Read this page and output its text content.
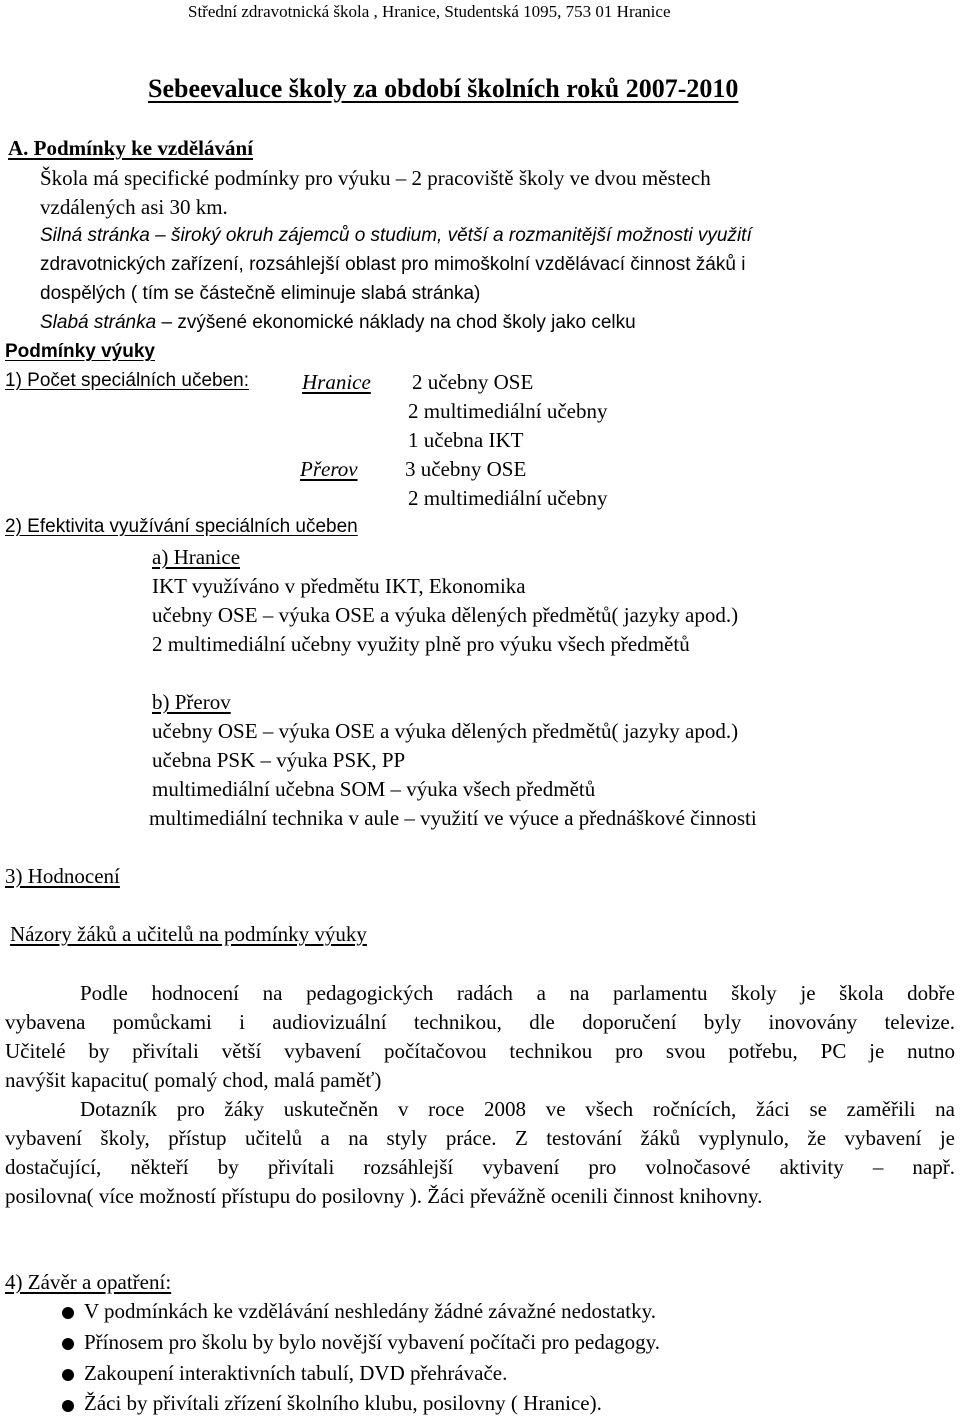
Střední zdravotnická škola , Hranice, Studentská 1095, 753 01 Hranice
Sebeevaluce školy za období školních roků 2007-2010
A. Podmínky ke vzdělávání
Škola má specifické podmínky pro výuku – 2 pracoviště školy ve dvou městech
vzdálených asi 30 km.
Silná stránka – široký okruh zájemců o studium, větší a rozmanitější možnosti využití
zdravotnických zařízení, rozsáhlejší oblast pro mimoškolní vzdělávací činnost žáků i
dospělých ( tím se částečně eliminuje slabá stránka)
Slabá stránka – zvýšené ekonomické náklady na chod školy jako celku
Podmínky výuky
1) Počet speciálních učeben:	Hranice 2 učebny OSE
2 multimediální učebny
1 učebna IKT
Přerov 3 učebny OSE
2 multimediální učebny
2) Efektivita využívání speciálních učeben
a) Hranice
IKT využíváno v předmětu IKT, Ekonomika
učebny OSE – výuka OSE a výuka dělených předmětů( jazyky apod.)
2 multimediální učebny využity plně pro výuku všech předmětů
b) Přerov
učebny OSE – výuka OSE a výuka dělených předmětů( jazyky apod.)
učebna PSK – výuka PSK, PP
multimediální učebna SOM – výuka všech předmětů
multimediální technika v aule – využití ve výuce a přednáškové činnosti
3) Hodnocení
Názory žáků a učitelů na podmínky výuky
Podle hodnocení na pedagogických radách a na parlamentu školy je škola dobře
vybavena pomůckami i audiovizuální technikou, dle doporučení byly inovovány televize.
Učitelé by přivítali větší vybavení počítačovou technikou pro svou potřebu, PC je nutno
navýšit kapacitu( pomalý chod, malá paměť)
Dotazník pro žáky uskutečněn v roce 2008 ve všech ročnících, žáci se zaměřili na
vybavení školy, přístup učitelů a na styly práce. Z testování žáků vyplynulo, že vybavení je
dostačující, někteří by přivítali rozsáhlejší vybavení pro volnočasové aktivity – např.
posilovna( více možností přístupu do posilovny ). Žáci převážně ocenili činnost knihovny.
4) Závěr a opatření:
V podmínkách ke vzdělávání neshledány žádné závažné nedostatky.
Přínosem pro školu by bylo novější vybavení počítači pro pedagogy.
Zakoupení interaktivních tabulí, DVD přehrávače.
Žáci by přivítali zřízení školního klubu, posilovny ( Hranice).
